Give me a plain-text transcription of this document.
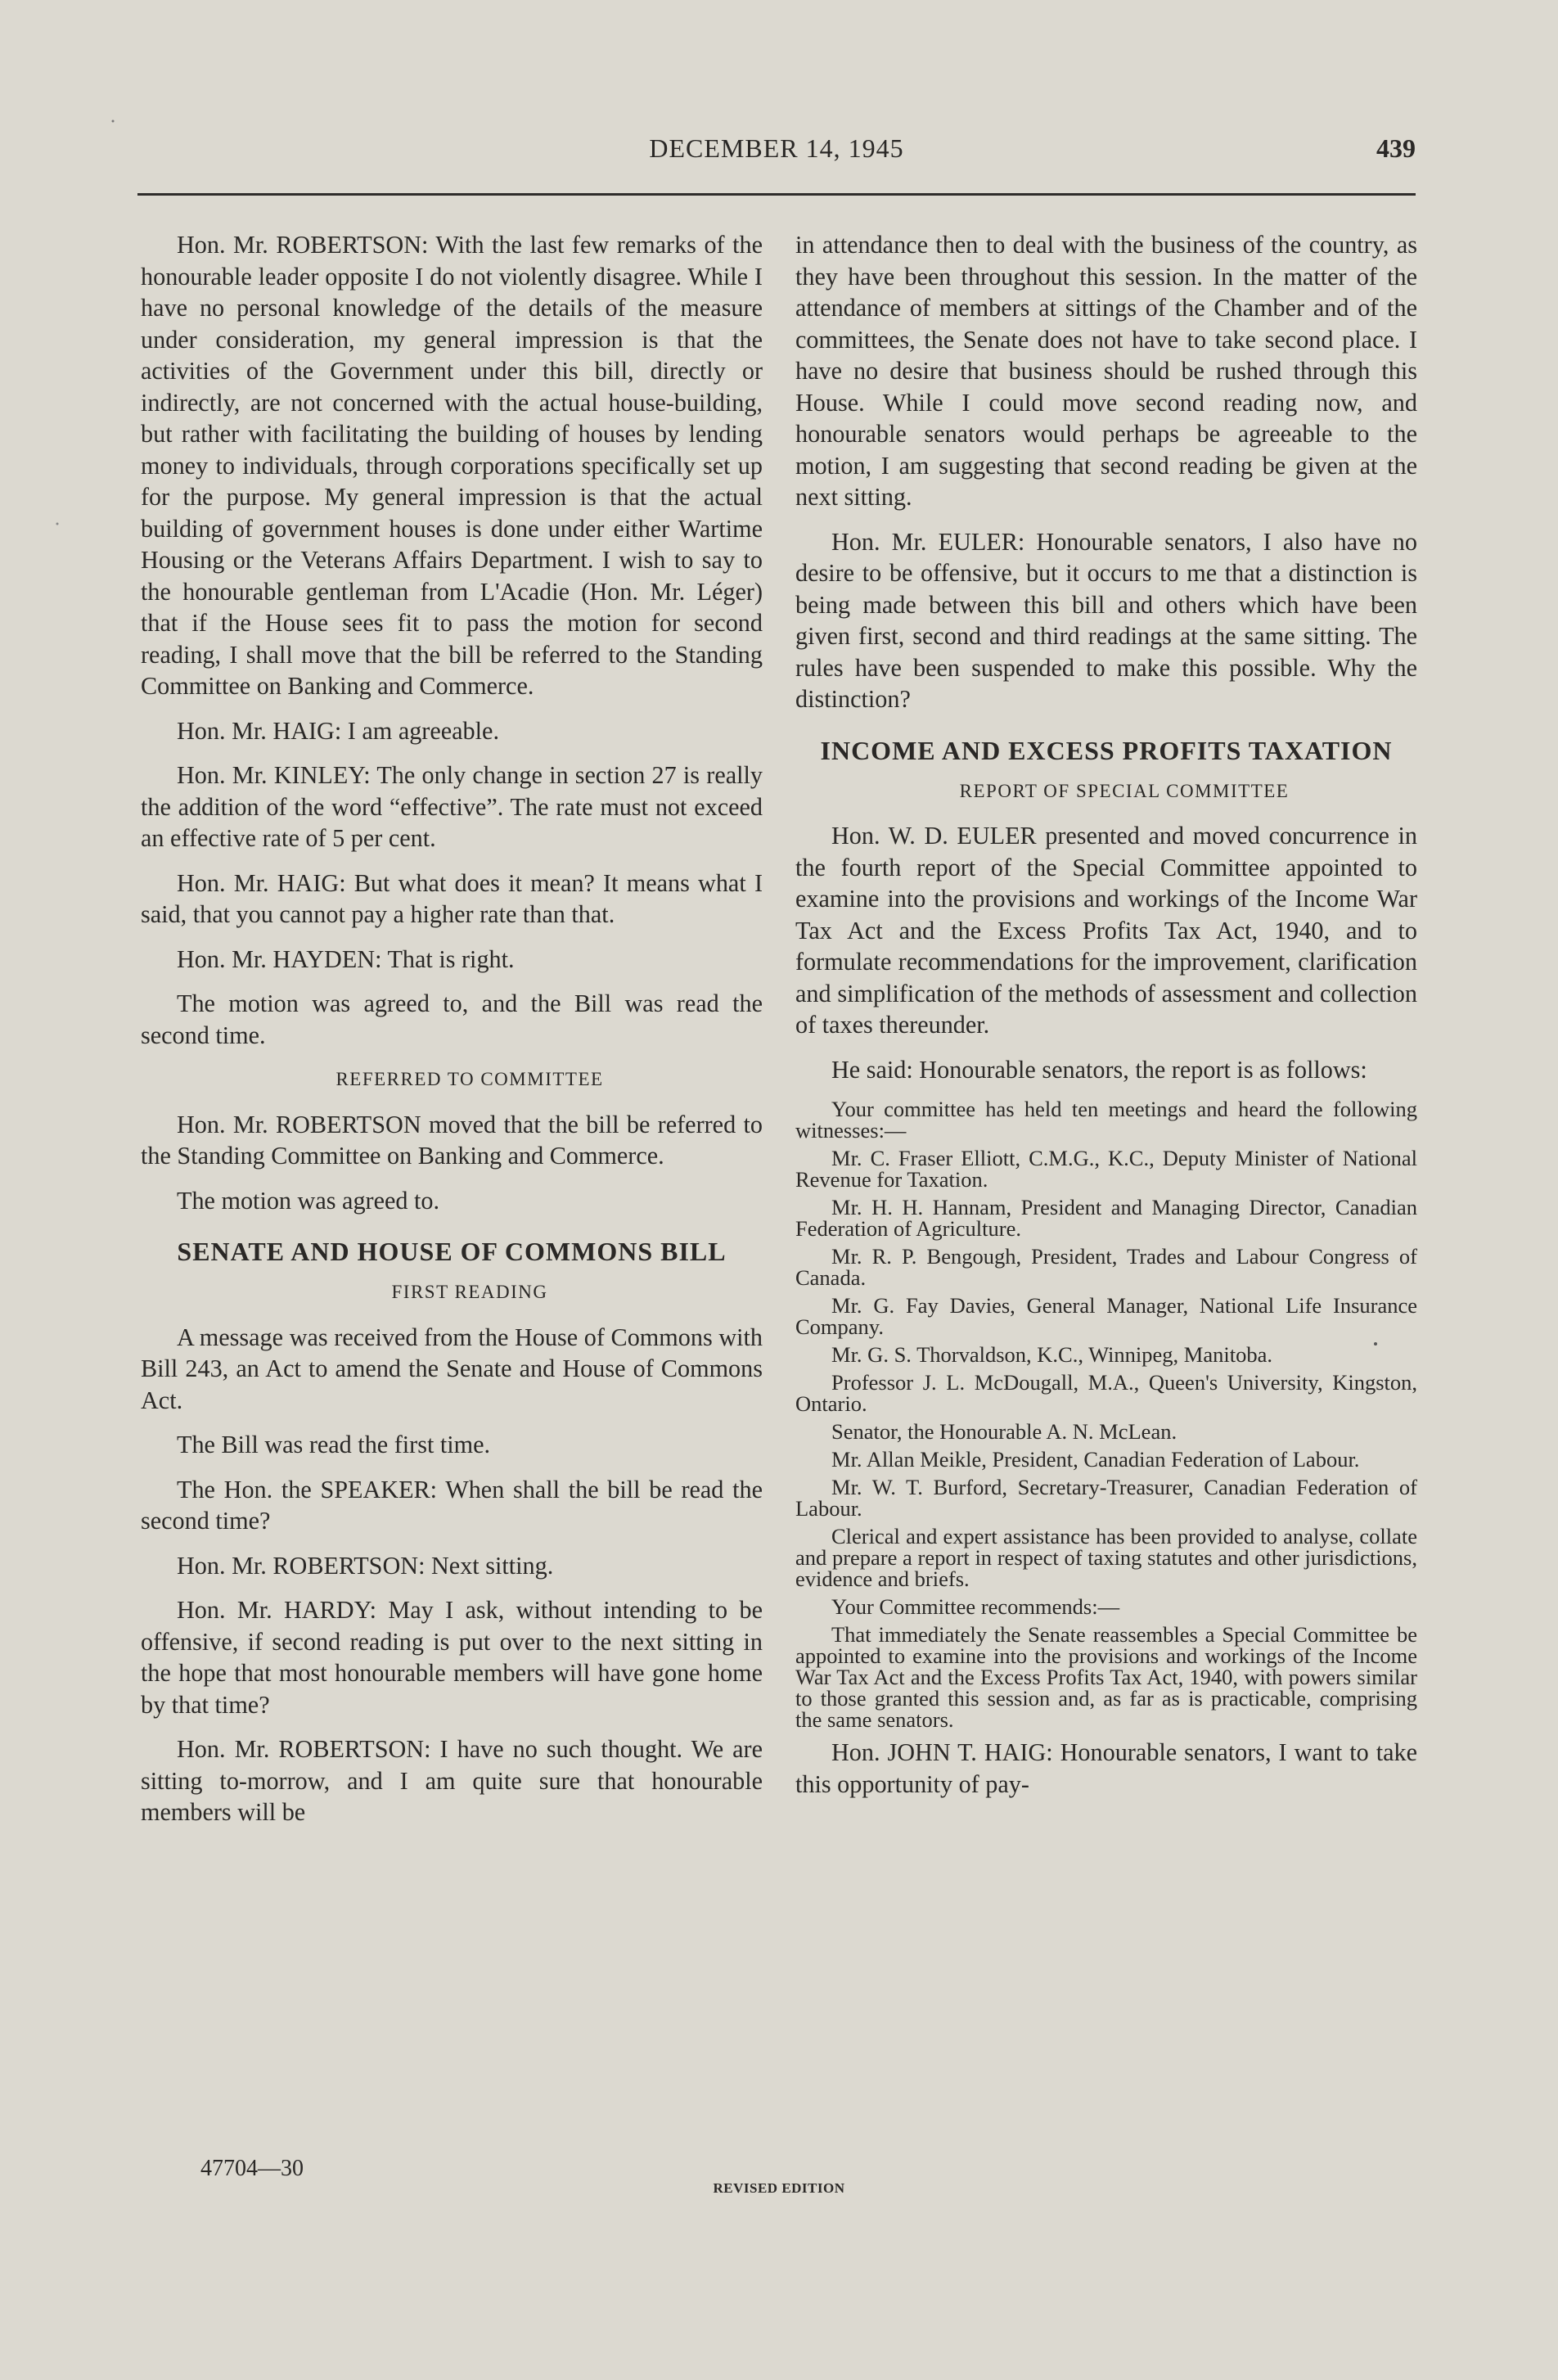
DECEMBER 14, 1945	439

Hon. Mr. ROBERTSON: With the last few remarks of the honourable leader opposite I do not violently disagree. While I have no personal knowledge of the details of the measure under consideration, my general impression is that the activities of the Government under this bill, directly or indirectly, are not concerned with the actual house-building, but rather with facilitating the building of houses by lending money to individuals, through corporations specifically set up for the purpose. My general impression is that the actual building of government houses is done under either Wartime Housing or the Veterans Affairs Department. I wish to say to the honourable gentleman from L'Acadie (Hon. Mr. Léger) that if the House sees fit to pass the motion for second reading, I shall move that the bill be referred to the Standing Committee on Banking and Commerce.

Hon. Mr. HAIG: I am agreeable.

Hon. Mr. KINLEY: The only change in section 27 is really the addition of the word “effective”. The rate must not exceed an effective rate of 5 per cent.

Hon. Mr. HAIG: But what does it mean? It means what I said, that you cannot pay a higher rate than that.

Hon. Mr. HAYDEN: That is right.

The motion was agreed to, and the Bill was read the second time.

REFERRED TO COMMITTEE

Hon. Mr. ROBERTSON moved that the bill be referred to the Standing Committee on Banking and Commerce.

The motion was agreed to.

SENATE AND HOUSE OF COMMONS BILL

FIRST READING

A message was received from the House of Commons with Bill 243, an Act to amend the Senate and House of Commons Act.

The Bill was read the first time.

The Hon. the SPEAKER: When shall the bill be read the second time?

Hon. Mr. ROBERTSON: Next sitting.

Hon. Mr. HARDY: May I ask, without intending to be offensive, if second reading is put over to the next sitting in the hope that most honourable members will have gone home by that time?

Hon. Mr. ROBERTSON: I have no such thought. We are sitting to-morrow, and I am quite sure that honourable members will be

in attendance then to deal with the business of the country, as they have been throughout this session. In the matter of the attendance of members at sittings of the Chamber and of the committees, the Senate does not have to take second place. I have no desire that business should be rushed through this House. While I could move second reading now, and honourable senators would perhaps be agreeable to the motion, I am suggesting that second reading be given at the next sitting.

Hon. Mr. EULER: Honourable senators, I also have no desire to be offensive, but it occurs to me that a distinction is being made between this bill and others which have been given first, second and third readings at the same sitting. The rules have been suspended to make this possible. Why the distinction?

INCOME AND EXCESS PROFITS TAXATION

REPORT OF SPECIAL COMMITTEE

Hon. W. D. EULER presented and moved concurrence in the fourth report of the Special Committee appointed to examine into the provisions and workings of the Income War Tax Act and the Excess Profits Tax Act, 1940, and to formulate recommendations for the improvement, clarification and simplification of the methods of assessment and collection of taxes thereunder.

He said: Honourable senators, the report is as follows:

Your committee has held ten meetings and heard the following witnesses:—

Mr. C. Fraser Elliott, C.M.G., K.C., Deputy Minister of National Revenue for Taxation.

Mr. H. H. Hannam, President and Managing Director, Canadian Federation of Agriculture.

Mr. R. P. Bengough, President, Trades and Labour Congress of Canada.

Mr. G. Fay Davies, General Manager, National Life Insurance Company.

Mr. G. S. Thorvaldson, K.C., Winnipeg, Manitoba.

Professor J. L. McDougall, M.A., Queen's University, Kingston, Ontario.

Senator, the Honourable A. N. McLean.

Mr. Allan Meikle, President, Canadian Federation of Labour.

Mr. W. T. Burford, Secretary-Treasurer, Canadian Federation of Labour.

Clerical and expert assistance has been provided to analyse, collate and prepare a report in respect of taxing statutes and other jurisdictions, evidence and briefs.

Your Committee recommends:—

That immediately the Senate reassembles a Special Committee be appointed to examine into the provisions and workings of the Income War Tax Act and the Excess Profits Tax Act, 1940, with powers similar to those granted this session and, as far as is practicable, comprising the same senators.

Hon. JOHN T. HAIG: Honourable senators, I want to take this opportunity of pay-

47704—30
REVISED EDITION
